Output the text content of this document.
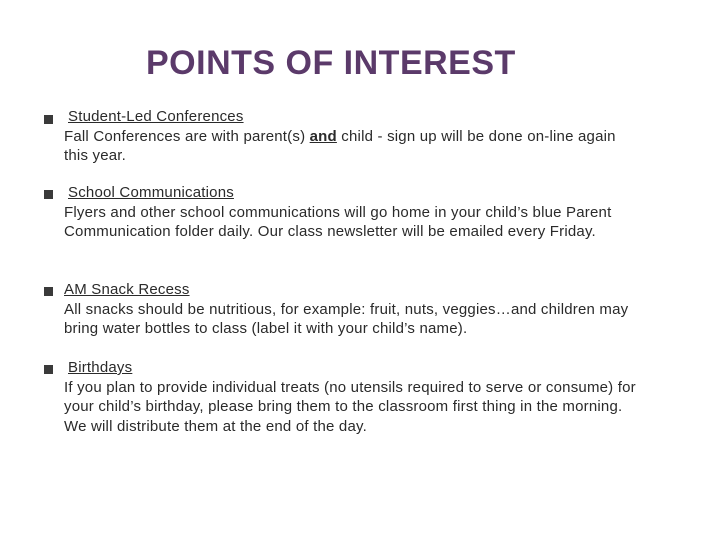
POINTS OF INTEREST
Student-Led Conferences
Fall Conferences are with parent(s) and child - sign up will be done on-line again this year.
School Communications
Flyers and other school communications will go home in your child’s blue Parent Communication folder daily. Our class newsletter will be emailed every Friday.
AM Snack Recess
All snacks should be nutritious, for example: fruit, nuts, veggies…and children may bring water bottles to class (label it with your child’s name).
Birthdays
If you plan to provide individual treats (no utensils required to serve or consume) for your child’s birthday, please bring them to the classroom first thing in the morning. We will distribute them at the end of the day.
